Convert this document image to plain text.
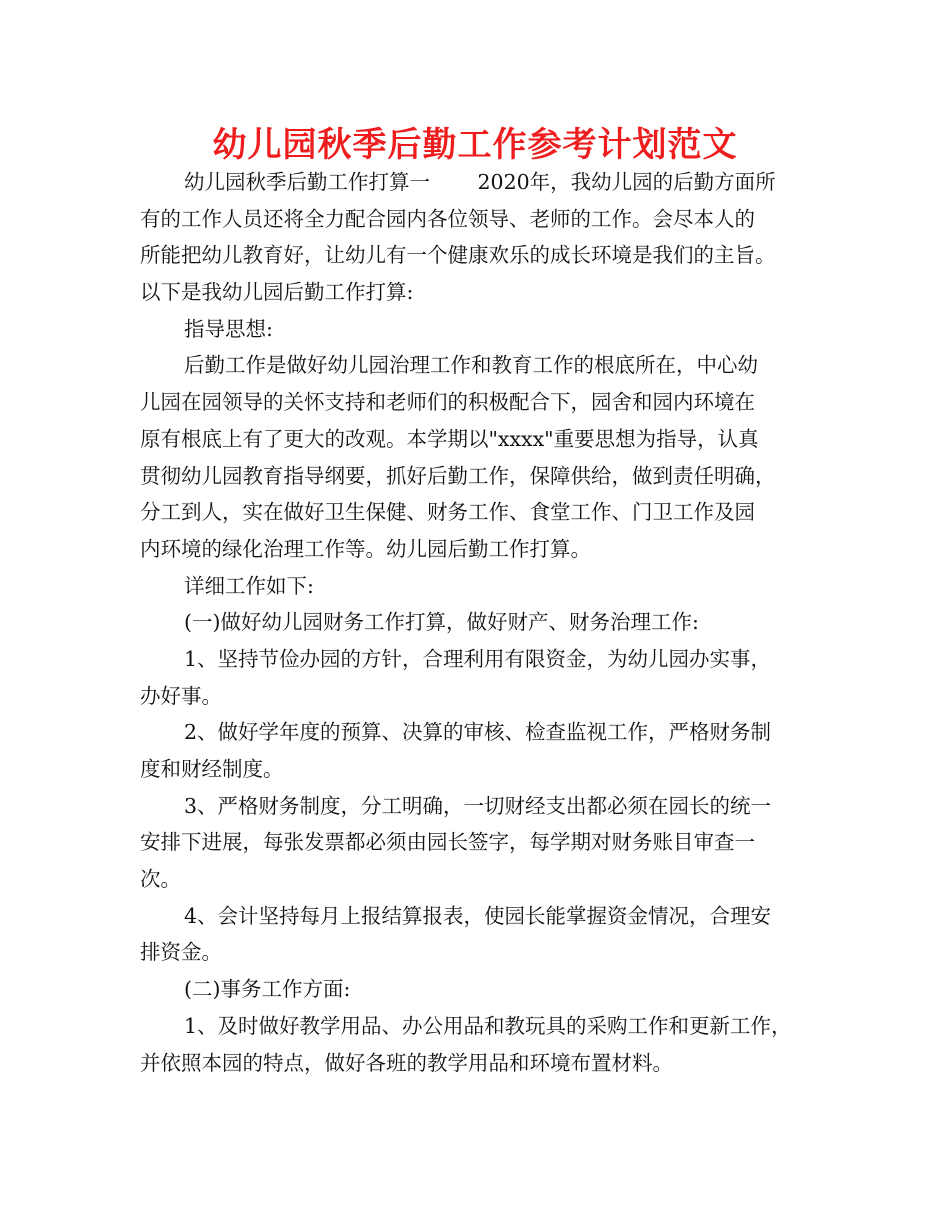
幼儿园秋季后勤工作参考计划范文
幼儿园秋季后勤工作打算一　　 2020年，我幼儿园的后勤方面所
有的工作人员还将全力配合园内各位领导、老师的工作。会尽本人的
所能把幼儿教育好，让幼儿有一个健康欢乐的成长环境是我们的主旨。
以下是我幼儿园后勤工作打算:
指导思想:
后勤工作是做好幼儿园治理工作和教育工作的根底所在，中心幼
儿园在园领导的关怀支持和老师们的积极配合下，园舍和园内环境在
原有根底上有了更大的改观。本学期以"xxxx"重要思想为指导，认真
贯彻幼儿园教育指导纲要，抓好后勤工作，保障供给，做到责任明确，
分工到人，实在做好卫生保健、财务工作、食堂工作、门卫工作及园
内环境的绿化治理工作等。幼儿园后勤工作打算。
详细工作如下:
(一)做好幼儿园财务工作打算，做好财产、财务治理工作:
1、坚持节俭办园的方针，合理利用有限资金，为幼儿园办实事，
办好事。
2、做好学年度的预算、决算的审核、检查监视工作，严格财务制
度和财经制度。
3、严格财务制度，分工明确，一切财经支出都必须在园长的统一
安排下进展，每张发票都必须由园长签字，每学期对财务账目审查一
次。
4、会计坚持每月上报结算报表，使园长能掌握资金情况，合理安
排资金。
(二)事务工作方面:
1、及时做好教学用品、办公用品和教玩具的采购工作和更新工作，
并依照本园的特点，做好各班的教学用品和环境布置材料。
